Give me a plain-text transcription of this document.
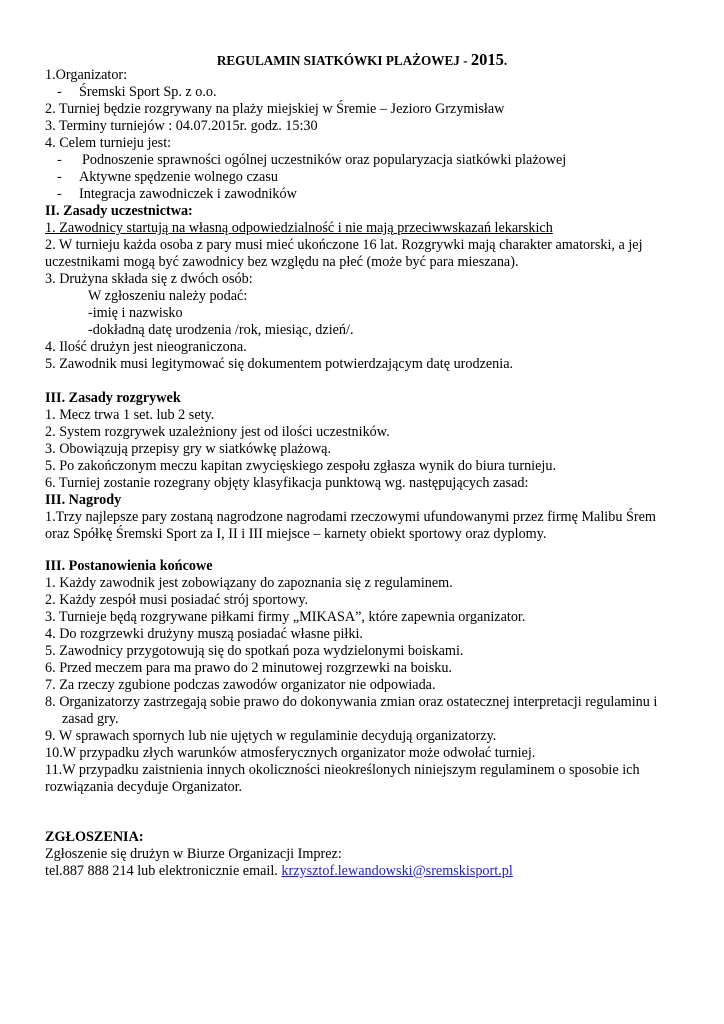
REGULAMIN SIATKÓWKI PLAŻOWEJ - 2015.
1.Organizator:
- Śremski Sport Sp. z o.o.
2. Turniej będzie rozgrywany na plaży miejskiej w Śremie – Jezioro Grzymisław
3. Terminy turniejów : 04.07.2015r. godz. 15:30
4. Celem turnieju jest:
- Podnoszenie sprawności ogólnej uczestników oraz popularyzacja siatkówki plażowej
- Aktywne spędzenie wolnego czasu
- Integracja zawodniczek i zawodników
II. Zasady uczestnictwa:
1. Zawodnicy startują na własną odpowiedzialność i nie mają przeciwwskazań lekarskich
2. W turnieju każda osoba z pary musi mieć ukończone 16 lat. Rozgrywki mają charakter amatorski, a jej
uczestnikami mogą być zawodnicy bez względu na płeć (może być para mieszana).
3. Drużyna składa się z dwóch osób:
W zgłoszeniu należy podać:
-imię i nazwisko
-dokładną datę urodzenia /rok, miesiąc, dzień/.
4. Ilość drużyn jest nieograniczona.
5. Zawodnik musi legitymować się dokumentem potwierdzającym datę urodzenia.
III. Zasady rozgrywek
1. Mecz trwa 1 set. lub 2 sety.
2. System rozgrywek uzależniony jest od ilości uczestników.
3. Obowiązują przepisy gry w siatkówkę plażową.
5. Po zakończonym meczu kapitan zwycięskiego zespołu zgłasza wynik do biura turnieju.
6. Turniej zostanie rozegrany objęty klasyfikacja punktową wg. następujących zasad:
III. Nagrody
1.Trzy najlepsze pary zostaną nagrodzone nagrodami rzeczowymi ufundowanymi przez firmę Malibu Śrem
oraz Spółkę Śremski Sport za I, II i III miejsce – karnety obiekt sportowy oraz dyplomy.
III. Postanowienia końcowe
1. Każdy zawodnik jest zobowiązany do zapoznania się z regulaminem.
2. Każdy zespół musi posiadać strój sportowy.
3. Turnieje będą rozgrywane piłkami firmy „MIKASA”, które zapewnia organizator.
4. Do rozgrzewki drużyny muszą posiadać własne piłki.
5. Zawodnicy przygotowują się do spotkań poza wydzielonymi boiskami.
6. Przed meczem para ma prawo do 2 minutowej rozgrzewki na boisku.
7. Za rzeczy zgubione podczas zawodów organizator nie odpowiada.
8. Organizatorzy zastrzegają sobie prawo do dokonywania zmian oraz ostatecznej interpretacji regulaminu i
zasad gry.
9. W sprawach spornych lub nie ujętych w regulaminie decydują organizatorzy.
10.W przypadku złych warunków atmosferycznych organizator może odwołać turniej.
11.W przypadku zaistnienia innych okoliczności nieokreślonych niniejszym regulaminem o sposobie ich
rozwiązania decyduje Organizator.
ZGŁOSZENIA:
Zgłoszenie się drużyn w Biurze Organizacji Imprez:
tel.887 888 214 lub elektronicznie email. krzysztof.lewandowski@sremskisport.pl
